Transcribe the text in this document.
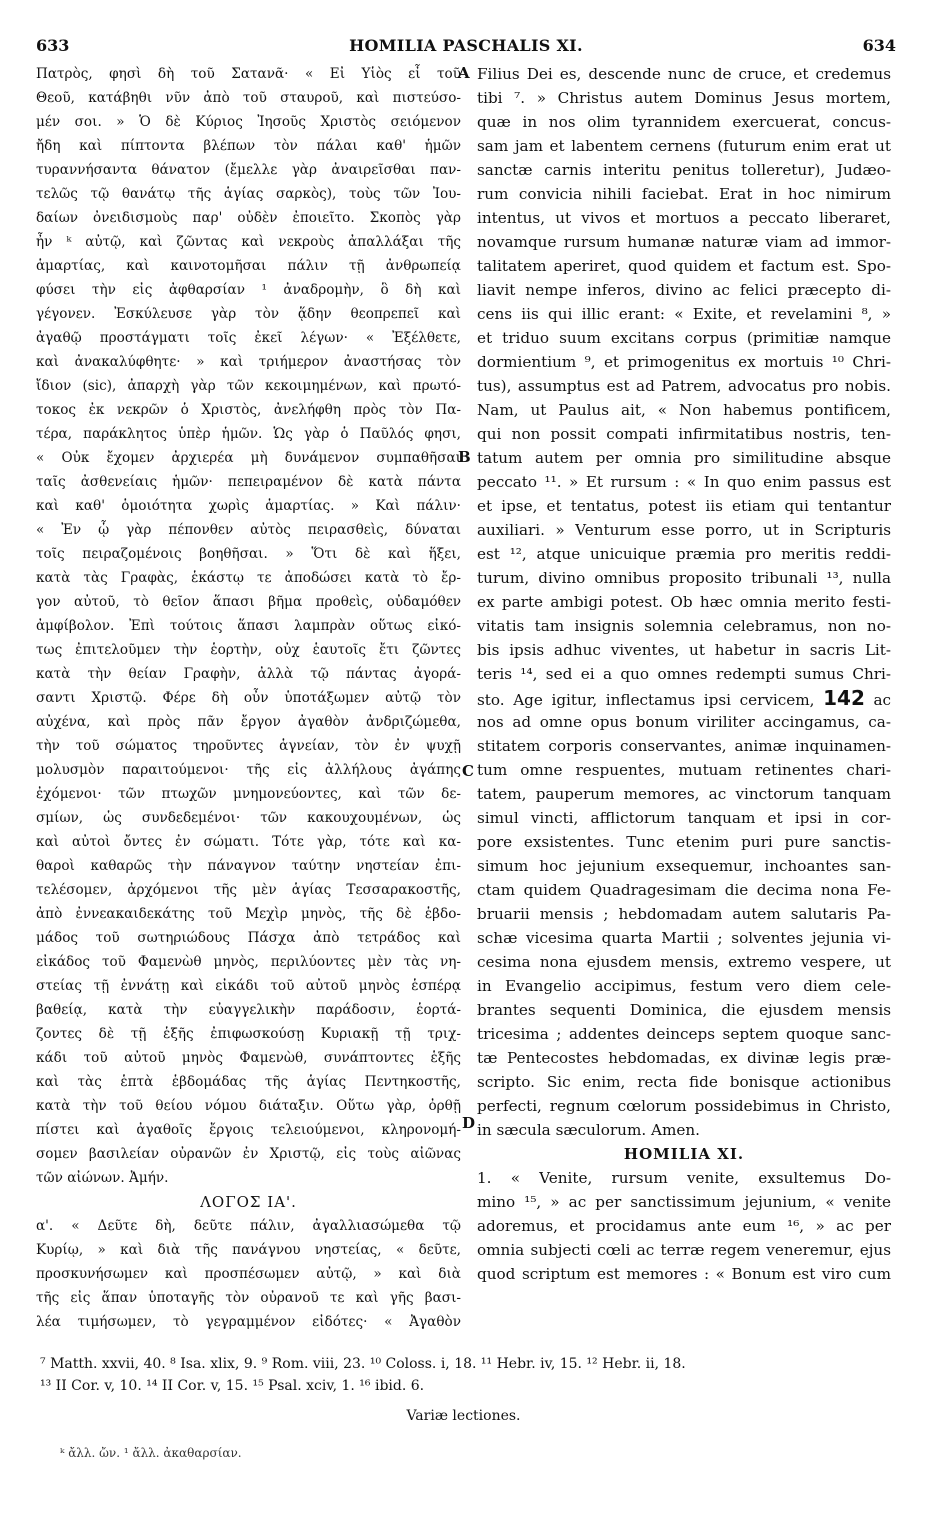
633	HOMILIA PASCHALIS XI.	634
Πατρὸς, φησὶ δὴ τοῦ Σατανᾶ· « Εἰ Υἱὸς εἶ τοῦ
Θεοῦ, κατάβηθι νῦν ἀπὸ τοῦ σταυροῦ, καὶ πιστεύσο-
μέν σοι. » Ὁ δὲ Κύριος Ἰησοῦς Χριστὸς σειόμενον
ἤδη καὶ πίπτοντα βλέπων τὸν πάλαι καθ' ἡμῶν
τυραννήσαντα θάνατον (ἔμελλε γὰρ ἀναιρεῖσθαι παν-
τελῶς τῷ θανάτῳ τῆς ἁγίας σαρκὸς), τοὺς τῶν Ἰου-
δαίων ὀνειδισμοὺς παρ' οὐδὲν ἐποιεῖτο. Σκοπὸς γὰρ
ἦν ᵏ αὐτῷ, καὶ ζῶντας καὶ νεκροὺς ἀπαλλάξαι τῆς
ἁμαρτίας, καὶ καινοτομῆσαι πάλιν τῇ ἀνθρωπείᾳ
φύσει τὴν εἰς ἀφθαρσίαν ¹ ἀναδρομὴν, ὃ δὴ καὶ
γέγονεν. Ἐσκύλευσε γὰρ τὸν ᾅδην θεοπρεπεῖ καὶ
ἀγαθῷ προστάγματι τοῖς ἐκεῖ λέγων· « Ἐξέλθετε,
καὶ ἀνακαλύφθητε· » καὶ τριήμερον ἀναστήσας τὸν
ἴδιον (sic), ἀπαρχὴ γὰρ τῶν κεκοιμημένων, καὶ πρωτό-
τοκος ἐκ νεκρῶν ὁ Χριστὸς, ἀνελήφθη πρὸς τὸν Πα-
τέρα, παράκλητος ὑπὲρ ἡμῶν. Ὡς γὰρ ὁ Παῦλός φησι,
« Οὐκ ἔχομεν ἀρχιερέα μὴ δυνάμενον συμπαθῆσαι
ταῖς ἀσθενείαις ἡμῶν· πεπειραμένον δὲ κατὰ πάντα
καὶ καθ' ὁμοιότητα χωρὶς ἁμαρτίας. » Καὶ πάλιν·
« Ἐν ᾧ γὰρ πέπονθεν αὐτὸς πειρασθεὶς, δύναται
τοῖς πειραζομένοις βοηθῆσαι. » Ὅτι δὲ καὶ ἥξει,
κατὰ τὰς Γραφὰς, ἑκάστῳ τε ἀποδώσει κατὰ τὸ ἔρ-
γον αὐτοῦ, τὸ θεῖον ἅπασι βῆμα προθεὶς, οὐδαμόθεν
ἀμφίβολον. Ἐπὶ τούτοις ἅπασι λαμπρὰν οὕτως εἰκό-
τως ἐπιτελοῦμεν τὴν ἑορτὴν, οὐχ ἑαυτοῖς ἔτι ζῶντες
κατὰ τὴν θείαν Γραφὴν, ἀλλὰ τῷ πάντας ἀγορά-
σαντι Χριστῷ. Φέρε δὴ οὖν ὑποτάξωμεν αὐτῷ τὸν
αὐχένα, καὶ πρὸς πᾶν ἔργον ἀγαθὸν ἀνδριζώμεθα,
τὴν τοῦ σώματος τηροῦντες ἁγνείαν, τὸν ἐν ψυχῇ
μολυσμὸν παραιτούμενοι· τῆς εἰς ἀλλήλους ἀγάπης
ἐχόμενοι· τῶν πτωχῶν μνημονεύοντες, καὶ τῶν δε-
σμίων, ὡς συνδεδεμένοι· τῶν κακουχουμένων, ὡς
καὶ αὐτοὶ ὄντες ἐν σώματι. Τότε γὰρ, τότε καὶ κα-
θαροὶ καθαρῶς τὴν πάναγνον ταύτην νηστείαν ἐπι-
τελέσομεν, ἀρχόμενοι τῆς μὲν ἁγίας Τεσσαρακοστῆς,
ἀπὸ ἐννεακαιδεκάτης τοῦ Μεχὶρ μηνὸς, τῆς δὲ ἑβδο-
μάδος τοῦ σωτηριώδους Πάσχα ἀπὸ τετράδος καὶ
εἰκάδος τοῦ Φαμενὼθ μηνὸς, περιλύοντες μὲν τὰς νη-
στείας τῇ ἐννάτῃ καὶ εἰκάδι τοῦ αὐτοῦ μηνὸς ἑσπέρᾳ
βαθείᾳ, κατὰ τὴν εὐαγγελικὴν παράδοσιν, ἑορτά-
ζοντες δὲ τῇ ἑξῆς ἐπιφωσκούσῃ Κυριακῇ τῇ τριχ-
κάδι τοῦ αὐτοῦ μηνὸς Φαμενὼθ, συνάπτοντες ἑξῆς
καὶ τὰς ἑπτὰ ἑβδομάδας τῆς ἁγίας Πεντηκοστῆς,
κατὰ τὴν τοῦ θείου νόμου διάταξιν. Οὕτω γὰρ, ὀρθῇ
πίστει καὶ ἀγαθοῖς ἔργοις τελειούμενοι, κληρονομή-
σομεν βασιλείαν οὐρανῶν ἐν Χριστῷ, εἰς τοὺς αἰῶνας
τῶν αἰώνων. Ἀμήν.
ΛΟΓΟΣ ΙΑ'.
α'. « Δεῦτε δὴ, δεῦτε πάλιν, ἀγαλλιασώμεθα τῷ
Κυρίῳ, » καὶ διὰ τῆς πανάγνου νηστείας, « δεῦτε,
προσκυνήσωμεν καὶ προσπέσωμεν αὐτῷ, » καὶ διὰ
τῆς εἰς ἅπαν ὑποταγῆς τὸν οὐρανοῦ τε καὶ γῆς βασι-
λέα τιμήσωμεν, τὸ γεγραμμένον εἰδότες· « Ἀγαθὸν
Filius Dei es, descende nunc de cruce, et credemus
tibi ⁷. » Christus autem Dominus Jesus mortem,
quæ in nos olim tyrannidem exercuerat, concus-
sam jam et labentem cernens (futurum enim erat ut
sanctæ carnis interitu penitus tolleretur), Judæo-
rum convicia nihili faciebat. Erat in hoc nimirum
intentus, ut vivos et mortuos a peccato liberaret,
novamque rursum humanæ naturæ viam ad immor-
talitatem aperiret, quod quidem et factum est. Spo-
liavit nempe inferos, divino ac felici præcepto di-
cens iis qui illic erant: « Exite, et revelamini ⁸, »
et triduo suum excitans corpus (primitiæ namque
dormientium ⁹, et primogenitus ex mortuis ¹⁰ Chri-
tus), assumptus est ad Patrem, advocatus pro nobis.
Nam, ut Paulus ait, « Non habemus pontificem,
qui non possit compati infirmitatibus nostris, ten-
tatum autem per omnia pro similitudine absque
peccato ¹¹. » Et rursum : « In quo enim passus est
et ipse, et tentatus, potest iis etiam qui tentantur
auxiliari. » Venturum esse porro, ut in Scripturis
est ¹², atque unicuique præmia pro meritis reddi-
turum, divino omnibus proposito tribunali ¹³, nulla
ex parte ambigi potest. Ob hæc omnia merito festi-
vitatis tam insignis solemnia celebramus, non no-
bis ipsis adhuc viventes, ut habetur in sacris Lit-
teris ¹⁴, sed ei a quo omnes redempti sumus Chri-
sto. Age igitur, inflectamus ipsi cervicem, 142 ac
nos ad omne opus bonum viriliter accingamus, ca-
stitatem corporis conservantes, animæ inquinamen-
tum omne respuentes, mutuam retinentes chari-
tatem, pauperum memores, ac vinctorum tanquam
simul vincti, afflictorum tanquam et ipsi in cor-
pore exsistentes. Tunc etenim puri pure sanctis-
simum hoc jejunium exsequemur, inchoantes san-
ctam quidem Quadragesimam die decima nona Fe-
bruarii mensis ; hebdomadam autem salutaris Pa-
schæ vicesima quarta Martii ; solventes jejunia vi-
cesima nona ejusdem mensis, extremo vespere, ut
in Evangelio accipimus, festum vero diem cele-
brantes sequenti Dominica, die ejusdem mensis
tricesima ; addentes deinceps septem quoque sanc-
tæ Pentecostes hebdomadas, ex divinæ legis præ-
scripto. Sic enim, recta fide bonisque actionibus
perfecti, regnum cœlorum possidebimus in Christo,
in sæcula sæculorum. Amen.
HOMILIA XI.
1. « Venite, rursum venite, exsultemus Do-
mino ¹⁵, » ac per sanctissimum jejunium, « venite
adoremus, et procidamus ante eum ¹⁶, » ac per
omnia subjecti cœli ac terræ regem veneremur, ejus
quod scriptum est memores : « Bonum est viro cum
A
B
C
D
⁷ Matth. xxvii, 40. ⁸ Isa. xlix, 9. ⁹ Rom. viii, 23. ¹⁰ Coloss. i, 18. ¹¹ Hebr. iv, 15. ¹² Hebr. ii, 18.
¹³ II Cor. v, 10. ¹⁴ II Cor. v, 15. ¹⁵ Psal. xciv, 1. ¹⁶ ibid. 6.
Variæ lectiones.
ᵏ ἄλλ. ὤν. ¹ ἄλλ. ἀκαθαρσίαν.
